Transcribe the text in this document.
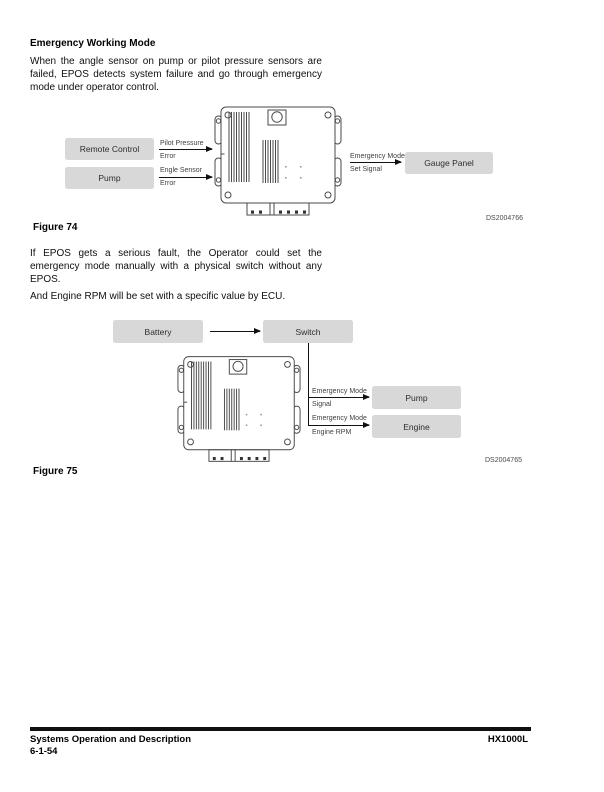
Emergency Working Mode
When the angle sensor on pump or pilot pressure sensors are
failed, EPOS detects system failure and go through emergency
mode under operator control.
Remote Control
Pump
Pilot Pressure
Error
Engle Sensor
Error
Emergency Mode
Set Signal
Gauge Panel
DS2004766
Figure 74
If EPOS gets a serious fault, the Operator could set the
emergency mode manually with a physical switch without any
EPOS.
And Engine RPM will be set with a specific value by ECU.
Battery	Switch
Emergency Mode
Signal
Pump
Emergency Mode
Engine RPM
Engine
DS2004765
Figure 75
Systems Operation and Description
6-1-54
HX1000L
